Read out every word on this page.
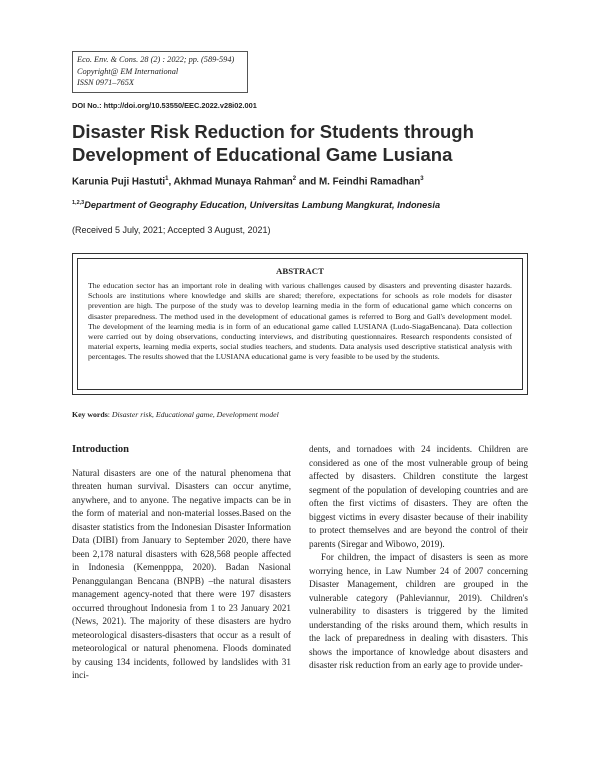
Eco. Env. & Cons. 28 (2) : 2022; pp. (589-594)
Copyright@ EM International
ISSN 0971–765X
DOI No.: http://doi.org/10.53550/EEC.2022.v28i02.001
Disaster Risk Reduction for Students through Development of Educational Game Lusiana
Karunia Puji Hastuti$^1$, Akhmad Munaya Rahman$^2$ and M. Feindhi Ramadhan$^3$
$^{1,2,3}$Department of Geography Education, Universitas Lambung Mangkurat, Indonesia
(Received 5 July, 2021; Accepted 3 August, 2021)
ABSTRACT
The education sector has an important role in dealing with various challenges caused by disasters and preventing disaster hazards. Schools are institutions where knowledge and skills are shared; therefore, expectations for schools as role models for disaster prevention are high. The purpose of the study was to develop learning media in the form of educational game which concerns on disaster preparedness. The method used in the development of educational games is referred to Borg and Gall's development model. The development of the learning media is in form of an educational game called LUSIANA (Ludo-SiagaBencana). Data collection were carried out by doing observations, conducting interviews, and distributing questionnaires. Research respondents consisted of material experts, learning media experts, social studies teachers, and students. Data analysis used descriptive statistical analysis with percentages. The results showed that the LUSIANA educational game is very feasible to be used by the students.
Key words: Disaster risk, Educational game, Development model
Introduction

Natural disasters are one of the natural phenomena that threaten human survival. Disasters can occur anytime, anywhere, and to anyone. The negative impacts can be in the form of material and non-material losses.Based on the disaster statistics from the Indonesian Disaster Information Data (DIBI) from January to September 2020, there have been 2,178 natural disasters with 628,568 people affected in Indonesia (Kemenpppa, 2020). Badan Nasional Penanggulangan Bencana (BNPB) –the natural disasters management agency-noted that there were 197 disasters occurred throughout Indonesia from 1 to 23 January 2021 (News, 2021). The majority of these disasters are hydro meteorological disasters-disasters that occur as a result of meteorological or natural phenomena. Floods dominated by causing 134 incidents, followed by landslides with 31 inci-

dents, and tornadoes with 24 incidents. Children are considered as one of the most vulnerable group of being affected by disasters. Children constitute the largest segment of the population of developing countries and are often the first victims of disasters. They are often the biggest victims in every disaster because of their inability to protect themselves and are beyond the control of their parents (Siregar and Wibowo, 2019).

For children, the impact of disasters is seen as more worrying hence, in Law Number 24 of 2007 concerning Disaster Management, children are grouped in the vulnerable category (Pahleviannur, 2019). Children's vulnerability to disasters is triggered by the limited understanding of the risks around them, which results in the lack of preparedness in dealing with disasters. This shows the importance of knowledge about disasters and disaster risk reduction from an early age to provide under-
